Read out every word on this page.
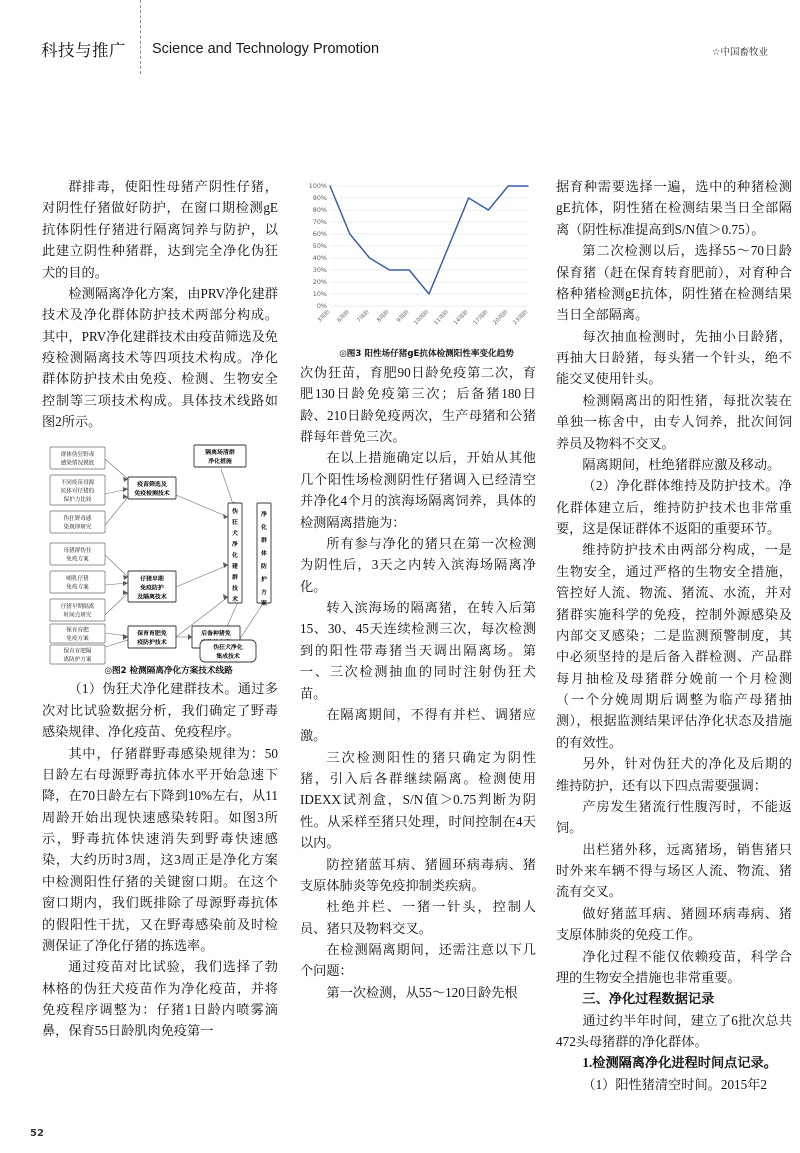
科技与推广 Science and Technology Promotion	☆中国畜牧业

群排毒，使阳性母猪产阴性仔猪，对阴性仔猪做好防护，在窗口期检测gE抗体阴性仔猪进行隔离饲养与防护，以此建立阴性种猪群，达到完全净化伪狂犬的目的。

检测隔离净化方案，由PRV净化建群技术及净化群体防护技术两部分构成。其中，PRV净化建群技术由疫苗筛选及免疫检测隔离技术等四项技术构成。净化群体防护技术由免疫、检测、生物安全控制等三项技术构成。具体技术线路如图2所示。

群体伪狂野毒
感染情况摸底
不同疫苗母源
抗体对仔猪的
保护力比较
伪狂野毒感
染规律研究
母猪群伪狂
免疫方案
哺乳仔猪
免疫方案
仔猪早期隔离
时间点研究
保育育肥
免疫方案
保育育肥隔
离防护方案
疫苗筛选及
免疫检测技术
仔猪早期
免疫防护
及隔离技术
保育育肥免
疫防护技术
后备种猪免
隔离场清群
净化措施
伪
狂
犬
净
化
建
群
技
术
净
化
群
体
防
护
方
案
伪狂犬净化
集成技术

◎图2 检测隔离净化方案技术线路

（1）伪狂犬净化建群技术。通过多次对比试验数据分析，我们确定了野毒感染规律、净化疫苗、免疫程序。

其中，仔猪群野毒感染规律为：50日龄左右母源野毒抗体水平开始急速下降，在70日龄左右下降到10%左右，从11周龄开始出现快速感染转阳。如图3所示，野毒抗体快速消失到野毒快速感染，大约历时3周，这3周正是净化方案中检测阳性仔猪的关键窗口期。在这个窗口期内，我们既排除了母源野毒抗体的假阳性干扰，又在野毒感染前及时检测保证了净化仔猪的拣选率。

通过疫苗对比试验，我们选择了勃林格的伪狂犬疫苗作为净化疫苗，并将免疫程序调整为：仔猪1日龄内喷雾滴鼻，保育55日龄肌肉免疫第一

0%
10%
20%
30%
40%
50%
60%
70%
80%
90%
100%
3周龄 6周龄 7周龄 8周龄 9周龄 10周龄 11周龄 14周龄 17周龄 20周龄 23周龄

◎图3 阳性场仔猪gE抗体检测阳性率变化趋势

次伪狂苗，育肥90日龄免疫第二次，育肥130日龄免疫第三次；后备猪180日龄、210日龄免疫两次，生产母猪和公猪群每年普免三次。

在以上措施确定以后，开始从其他几个阳性场检测阴性仔猪调入已经清空并净化4个月的滨海场隔离饲养，具体的检测隔离措施为：

所有参与净化的猪只在第一次检测为阴性后，3天之内转入滨海场隔离净化。

转入滨海场的隔离猪，在转入后第15、30、45天连续检测三次，每次检测到的阳性带毒猪当天调出隔离场。第一、三次检测抽血的同时注射伪狂犬苗。

在隔离期间，不得有并栏、调猪应激。

三次检测阳性的猪只确定为阴性猪，引入后各群继续隔离。检测使用IDEXX试剂盒，S/N值＞0.75判断为阴性。从采样至猪只处理，时间控制在4天以内。

防控猪蓝耳病、猪圆环病毒病、猪支原体肺炎等免疫抑制类疾病。

杜绝并栏、一猪一针头，控制人员、猪只及物料交叉。

在检测隔离期间，还需注意以下几个问题：

第一次检测，从55～120日龄先根

据育种需要选择一遍，选中的种猪检测gE抗体，阴性猪在检测结果当日全部隔离（阴性标准提高到S/N值＞0.75）。

第二次检测以后，选择55～70日龄保育猪（赶在保育转育肥前），对育种合格种猪检测gE抗体，阴性猪在检测结果当日全部隔离。

每次抽血检测时，先抽小日龄猪，再抽大日龄猪，每头猪一个针头，绝不能交叉使用针头。

检测隔离出的阳性猪，每批次装在单独一栋舍中，由专人饲养，批次间饲养员及物料不交叉。

隔离期间，杜绝猪群应激及移动。

（2）净化群体维持及防护技术。净化群体建立后，维持防护技术也非常重要，这是保证群体不返阳的重要环节。

维持防护技术由两部分构成，一是生物安全，通过严格的生物安全措施，管控好人流、物流、猪流、水流，并对猪群实施科学的免疫，控制外源感染及内部交叉感染；二是监测预警制度，其中必须坚持的是后备入群检测、产品群每月抽检及母猪群分娩前一个月检测（一个分娩周期后调整为临产母猪抽测），根据监测结果评估净化状态及措施的有效性。

另外，针对伪狂犬的净化及后期的维持防护，还有以下四点需要强调：

产房发生猪流行性腹泻时，不能返饲。

出栏猪外移，远离猪场，销售猪只时外来车辆不得与场区人流、物流、猪流有交叉。

做好猪蓝耳病、猪圆环病毒病、猪支原体肺炎的免疫工作。

净化过程不能仅依赖疫苗，科学合理的生物安全措施也非常重要。

三、净化过程数据记录

通过约半年时间，建立了6批次总共472头母猪群的净化群体。

1.检测隔离净化进程时间点记录。

（1）阳性猪清空时间。2015年2

52
